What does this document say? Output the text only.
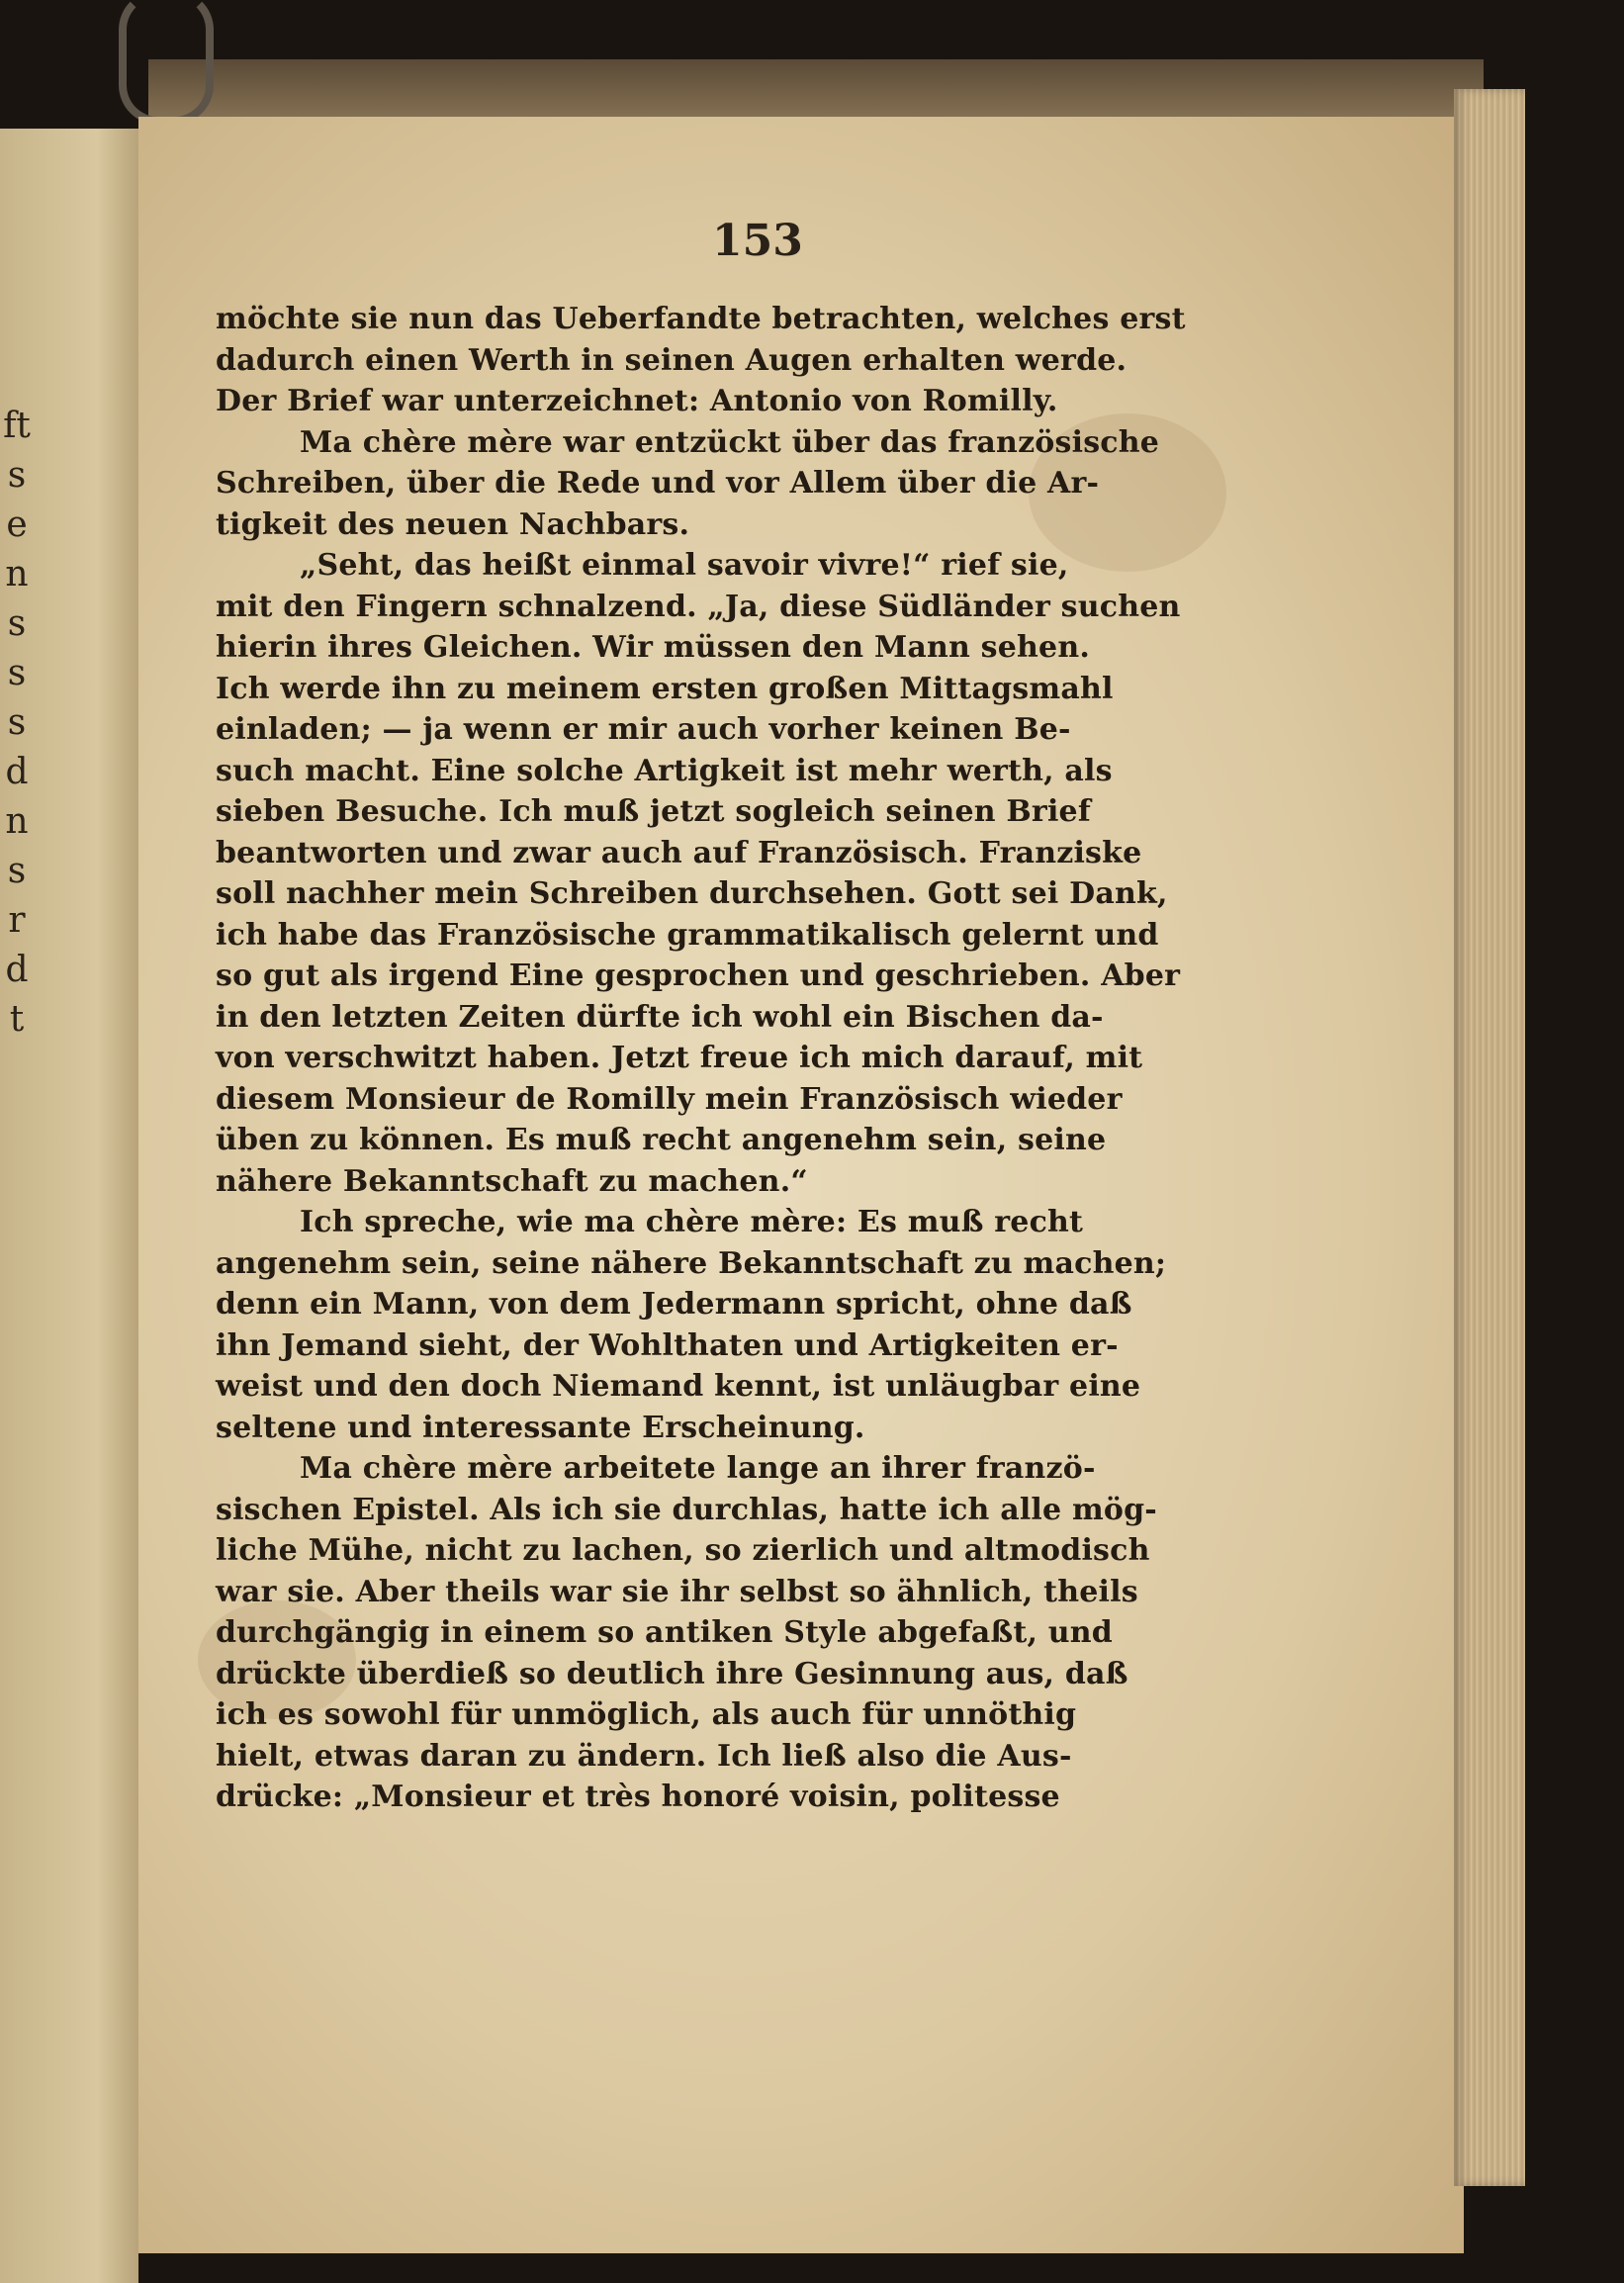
ft
s
e
n
s
s
s
d
n
s
r
d
t
153
möchte sie nun das Ueberfandte betrachten, welches erst
dadurch einen Werth in seinen Augen erhalten werde.
Der Brief war unterzeichnet: Antonio von Romilly.
Ma chère mère war entzückt über das französische
Schreiben, über die Rede und vor Allem über die Ar-
tigkeit des neuen Nachbars.
„Seht, das heißt einmal savoir vivre!“ rief sie,
mit den Fingern schnalzend. „Ja, diese Südländer suchen
hierin ihres Gleichen. Wir müssen den Mann sehen.
Ich werde ihn zu meinem ersten großen Mittagsmahl
einladen; — ja wenn er mir auch vorher keinen Be-
such macht. Eine solche Artigkeit ist mehr werth, als
sieben Besuche. Ich muß jetzt sogleich seinen Brief
beantworten und zwar auch auf Französisch. Franziske
soll nachher mein Schreiben durchsehen. Gott sei Dank,
ich habe das Französische grammatikalisch gelernt und
so gut als irgend Eine gesprochen und geschrieben. Aber
in den letzten Zeiten dürfte ich wohl ein Bischen da-
von verschwitzt haben. Jetzt freue ich mich darauf, mit
diesem Monsieur de Romilly mein Französisch wieder
üben zu können. Es muß recht angenehm sein, seine
nähere Bekanntschaft zu machen.“
Ich spreche, wie ma chère mère: Es muß recht
angenehm sein, seine nähere Bekanntschaft zu machen;
denn ein Mann, von dem Jedermann spricht, ohne daß
ihn Jemand sieht, der Wohlthaten und Artigkeiten er-
weist und den doch Niemand kennt, ist unläugbar eine
seltene und interessante Erscheinung.
Ma chère mère arbeitete lange an ihrer franzö-
sischen Epistel. Als ich sie durchlas, hatte ich alle mög-
liche Mühe, nicht zu lachen, so zierlich und altmodisch
war sie. Aber theils war sie ihr selbst so ähnlich, theils
durchgängig in einem so antiken Style abgefaßt, und
drückte überdieß so deutlich ihre Gesinnung aus, daß
ich es sowohl für unmöglich, als auch für unnöthig
hielt, etwas daran zu ändern. Ich ließ also die Aus-
drücke: „Monsieur et très honoré voisin, politesse
